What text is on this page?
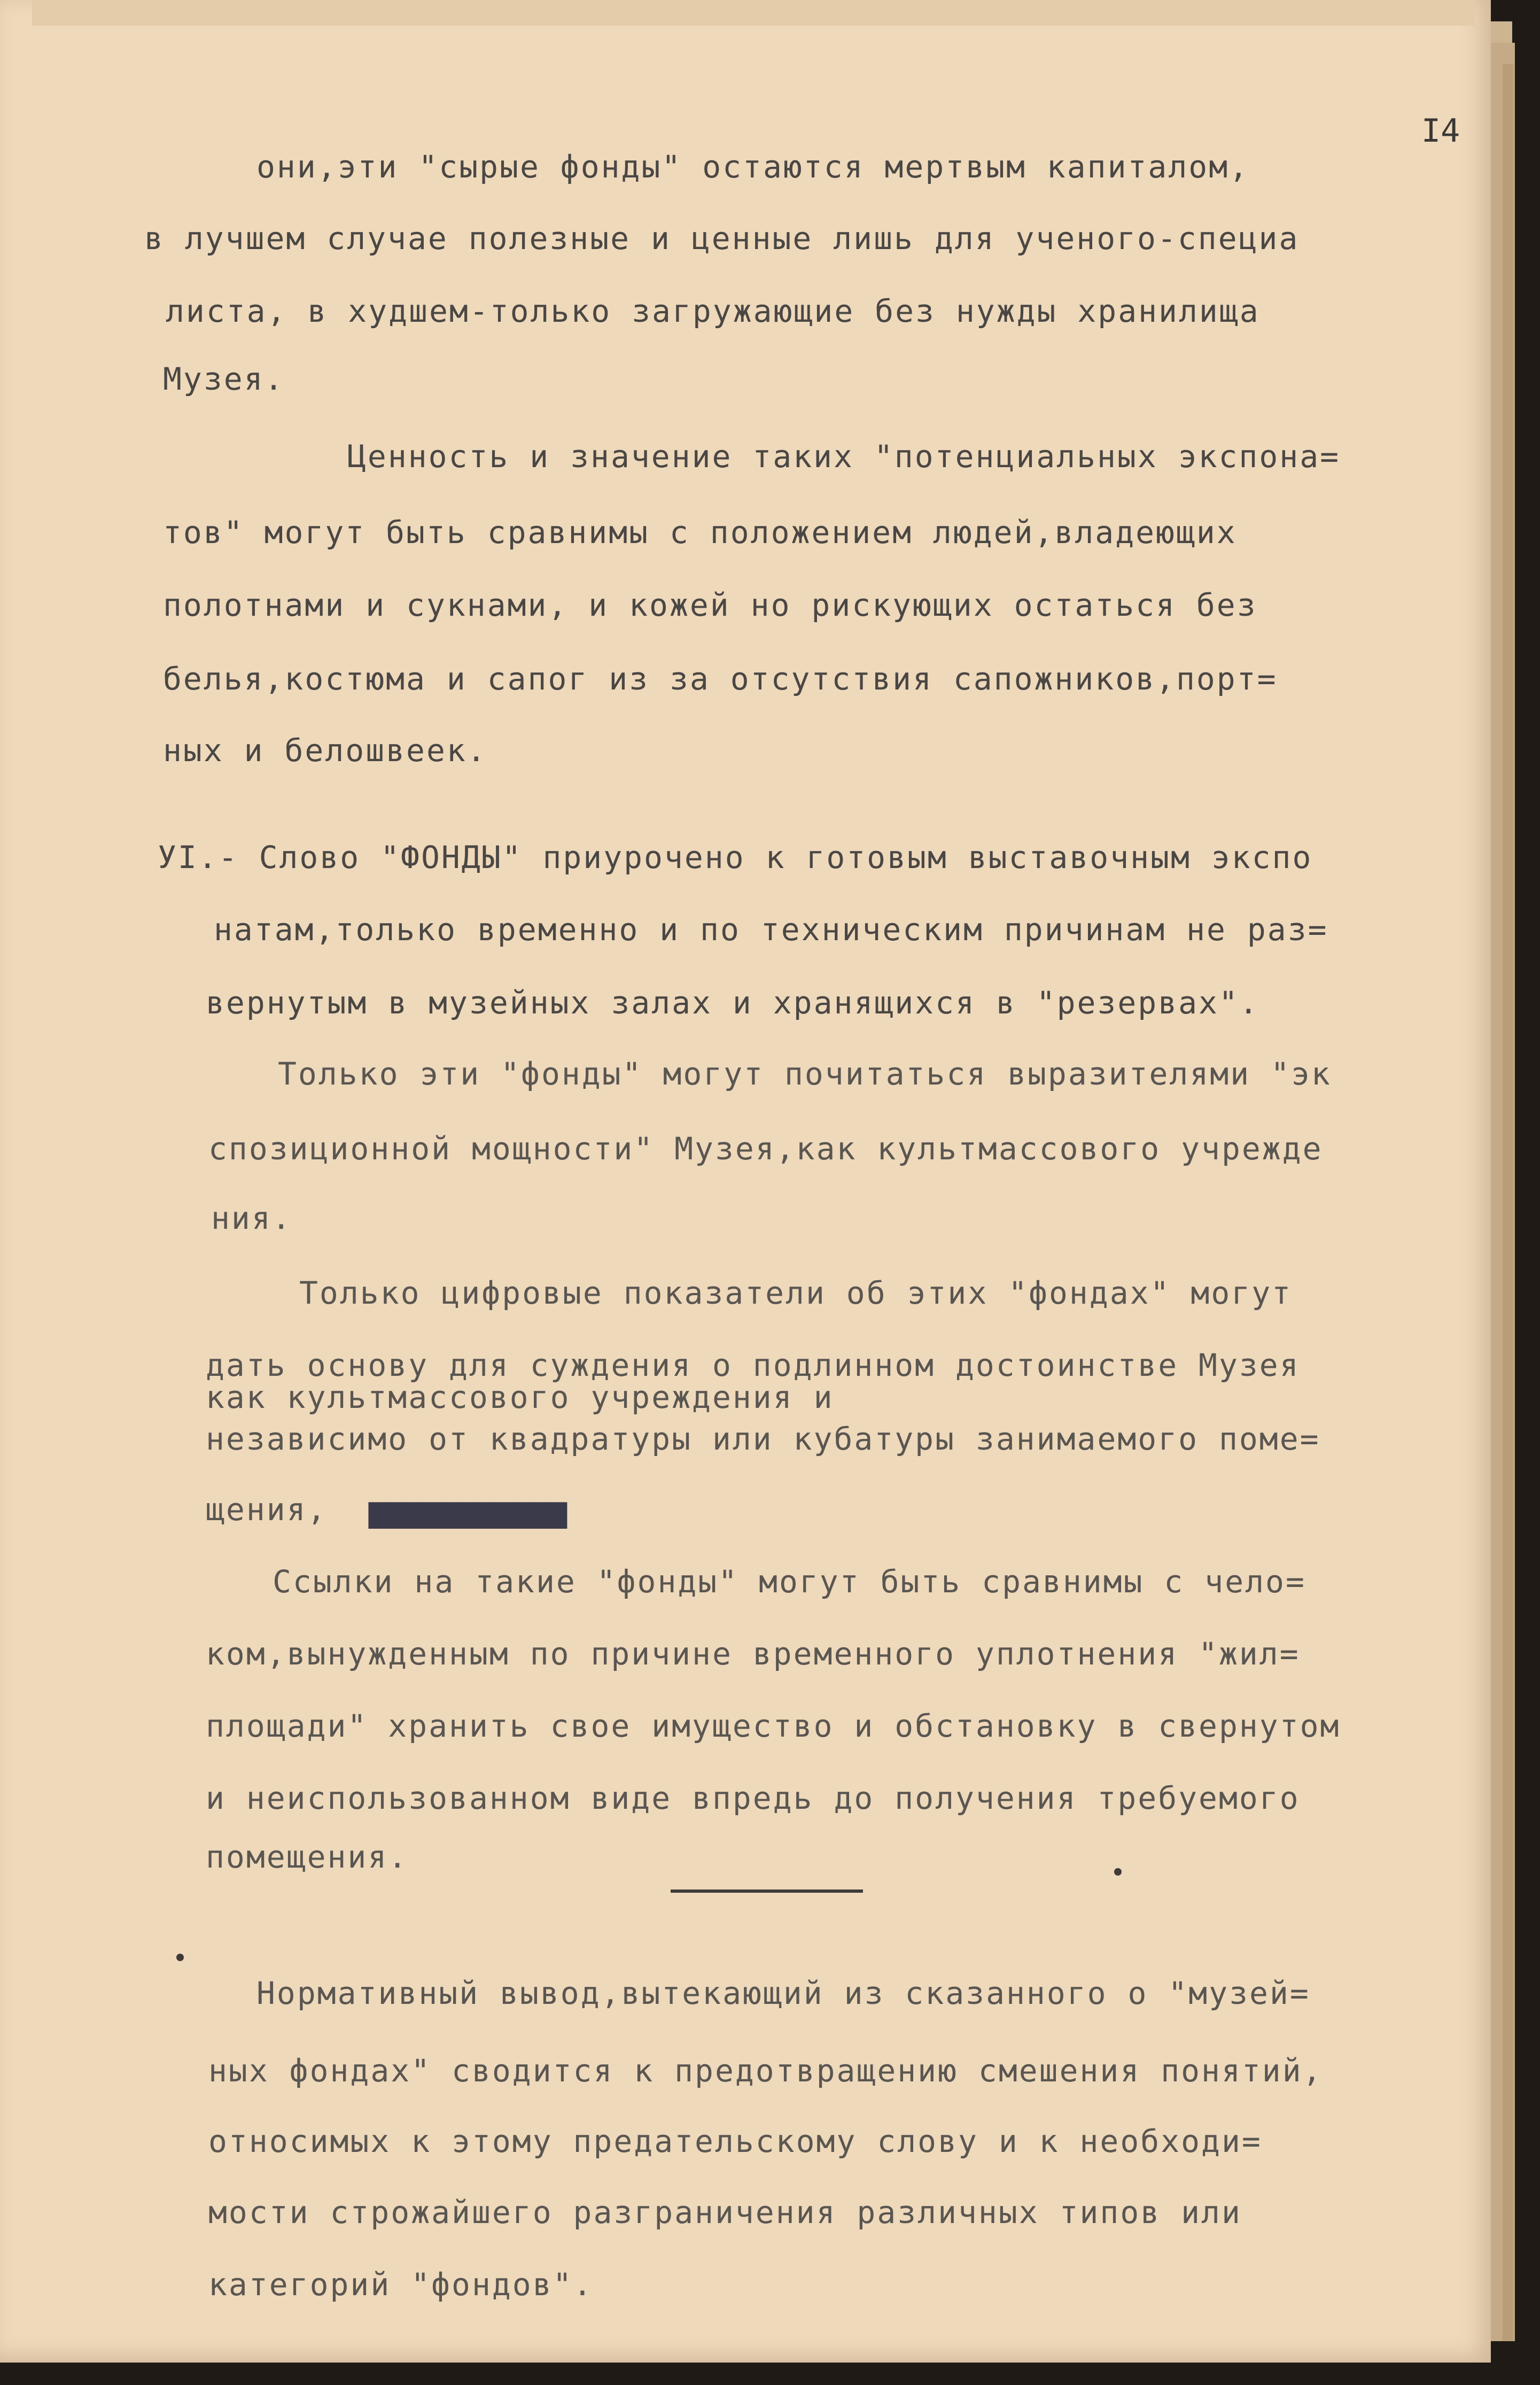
I4
они,эти "сырые фонды" остаются мертвым капиталом,
в лучшем случае полезные и ценные лишь для ученого-специа
листа, в худшем-только загружающие без нужды хранилища
Музея.
Ценность и значение таких "потенциальных экспона=
тов" могут быть сравнимы с положением людей,владеющих
полотнами и сукнами, и кожей но рискующих остаться без
белья,костюма и сапог из за отсутствия сапожников,порт=
ных и белошвеек.
УI.- Слово "ФОНДЫ" приурочено к готовым выставочным экспо
натам,только временно и по техническим причинам не раз=
вернутым в музейных залах и хранящихся в "резервах".
Только эти "фонды" могут почитаться выразителями "эк
спозиционной мощности" Музея,как культмассового учрежде
ния.
Только цифровые показатели об этих "фондах" могут
дать основу для суждения о подлинном достоинстве Музея
как культмассового учреждения и
независимо от квадратуры или кубатуры занимаемого поме=
щения, ▆▆▆▆▆▆▆▆▆▆▆
Ссылки на такие "фонды" могут быть сравнимы с чело=
ком,вынужденным по причине временного уплотнения "жил=
площади" хранить свое имущество и обстановку в свернутом
и неиспользованном виде впредь до получения требуемого
помещения.
Нормативный вывод,вытекающий из сказанного о "музей=
ных фондах" сводится к предотвращению смешения понятий,
относимых к этому предательскому слову и к необходи=
мости строжайшего разграничения различных типов или
категорий "фондов".
